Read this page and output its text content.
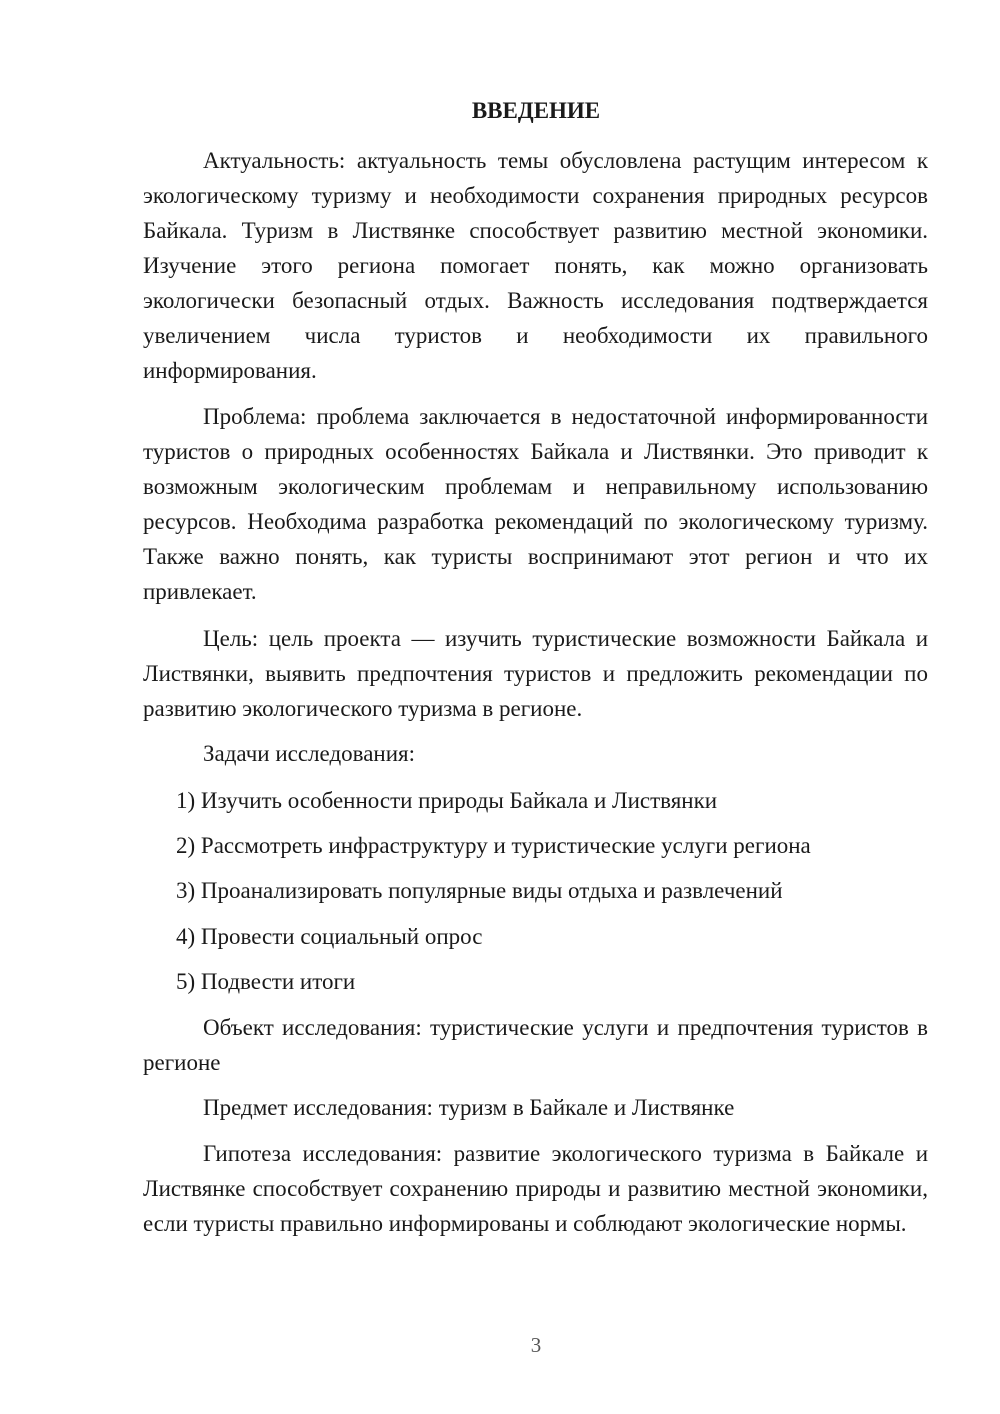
ВВЕДЕНИЕ

Актуальность: актуальность темы обусловлена растущим интересом к экологическому туризму и необходимости сохранения природных ресурсов Байкала. Туризм в Листвянке способствует развитию местной экономики. Изучение этого региона помогает понять, как можно организовать экологически безопасный отдых. Важность исследования подтверждается увеличением числа туристов и необходимости их правильного информирования.

Проблема: проблема заключается в недостаточной информированности туристов о природных особенностях Байкала и Листвянки. Это приводит к возможным экологическим проблемам и неправильному использованию ресурсов. Необходима разработка рекомендаций по экологическому туризму. Также важно понять, как туристы воспринимают этот регион и что их привлекает.

Цель: цель проекта — изучить туристические возможности Байкала и Листвянки, выявить предпочтения туристов и предложить рекомендации по развитию экологического туризма в регионе.

Задачи исследования:

1) Изучить особенности природы Байкала и Листвянки

2) Рассмотреть инфраструктуру и туристические услуги региона

3) Проанализировать популярные виды отдыха и развлечений

4) Провести социальный опрос

5) Подвести итоги

Объект исследования: туристические услуги и предпочтения туристов в регионе

Предмет исследования: туризм в Байкале и Листвянке

Гипотеза исследования: развитие экологического туризма в Байкале и Листвянке способствует сохранению природы и развитию местной экономики, если туристы правильно информированы и соблюдают экологические нормы.

3
